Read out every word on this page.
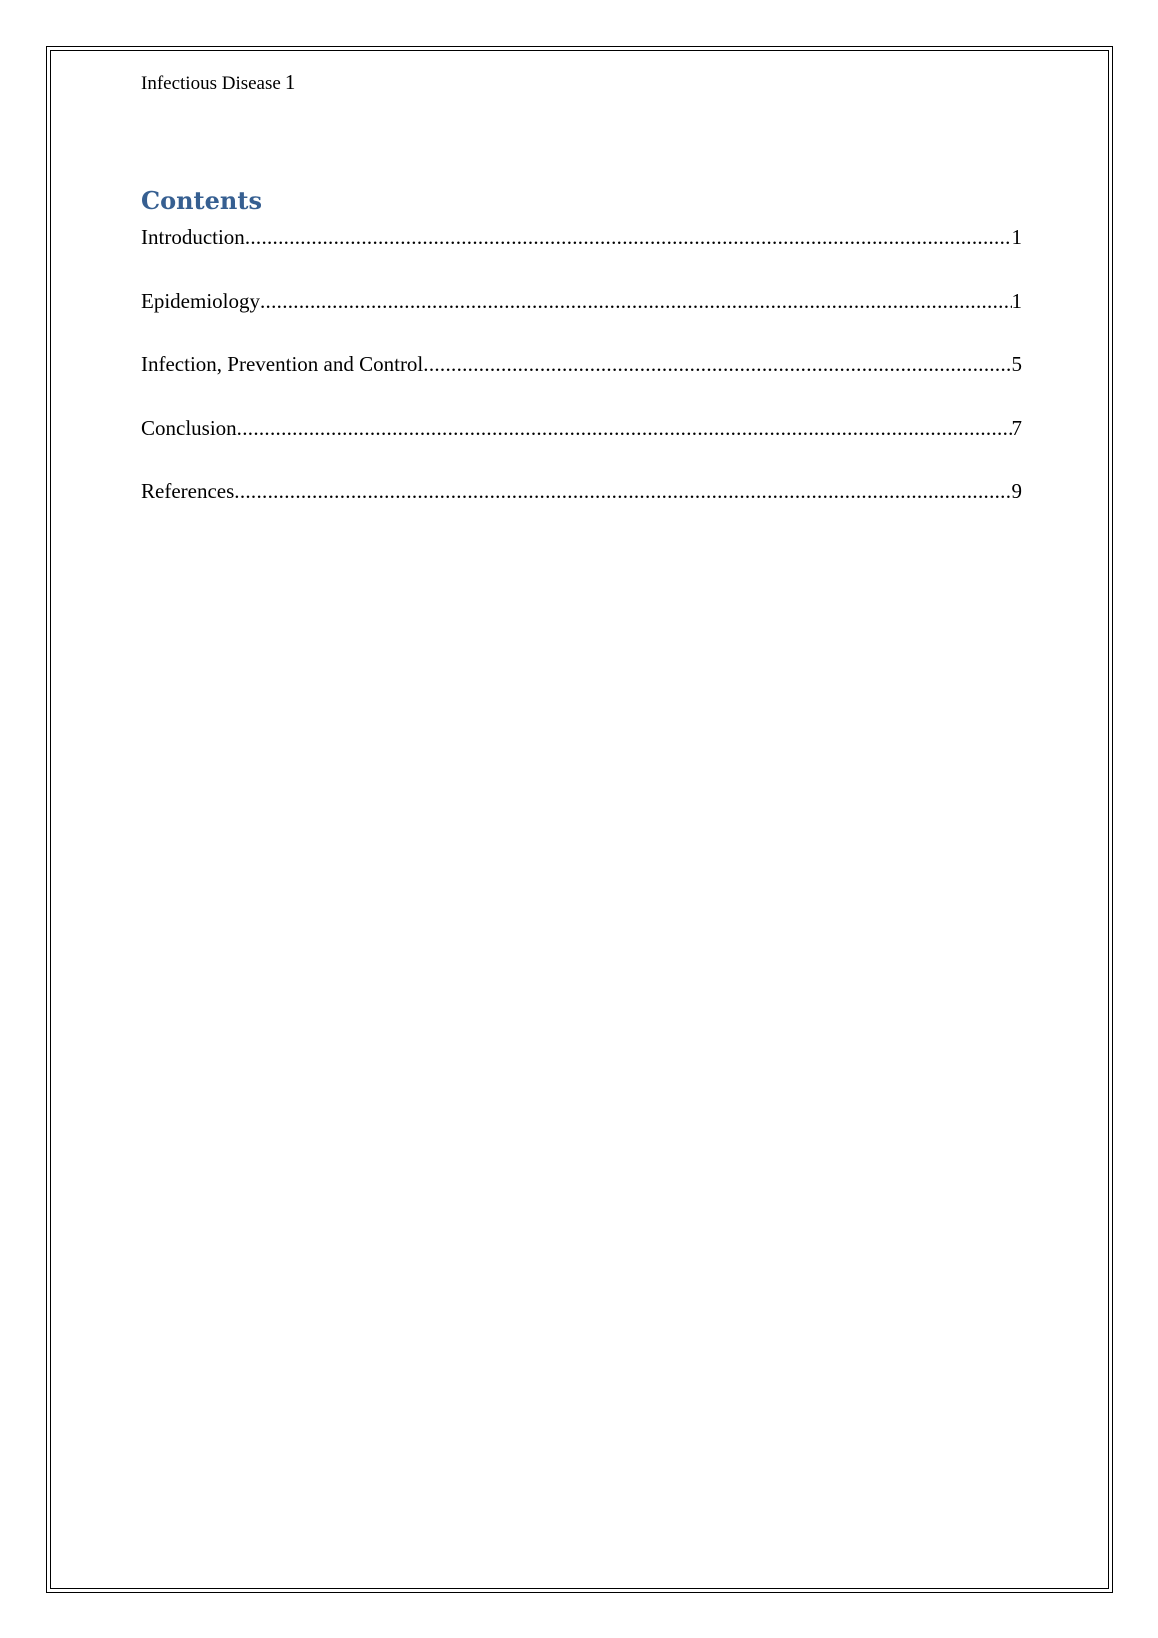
Infectious Disease 1
Contents
Introduction .....	1
Epidemiology .....	1
Infection, Prevention and Control .....	5
Conclusion .....	7
References .....	9
